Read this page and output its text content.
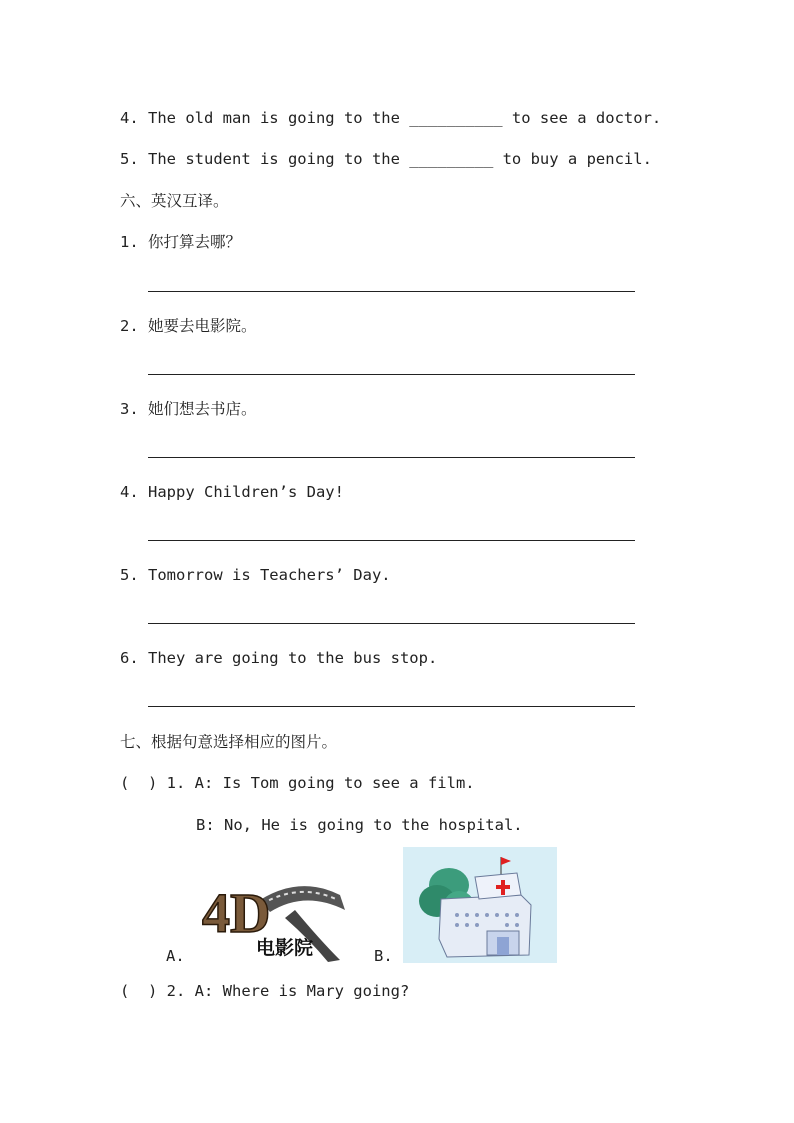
4. The old man is going to the __________ to see a doctor.
5. The student is going to the _________ to buy a pencil.
六、英汉互译。
1. 你打算去哪？
2. 她要去电影院。
3. 她们想去书店。
4. Happy Children’s Day!
5. Tomorrow is Teachers’ Day.
6. They are going to the bus stop.
七、根据句意选择相应的图片。
(  ) 1. A: Is Tom going to see a film.
B: No, He is going to the hospital.
A.
4D
电影院	B.
(  ) 2. A: Where is Mary going?
